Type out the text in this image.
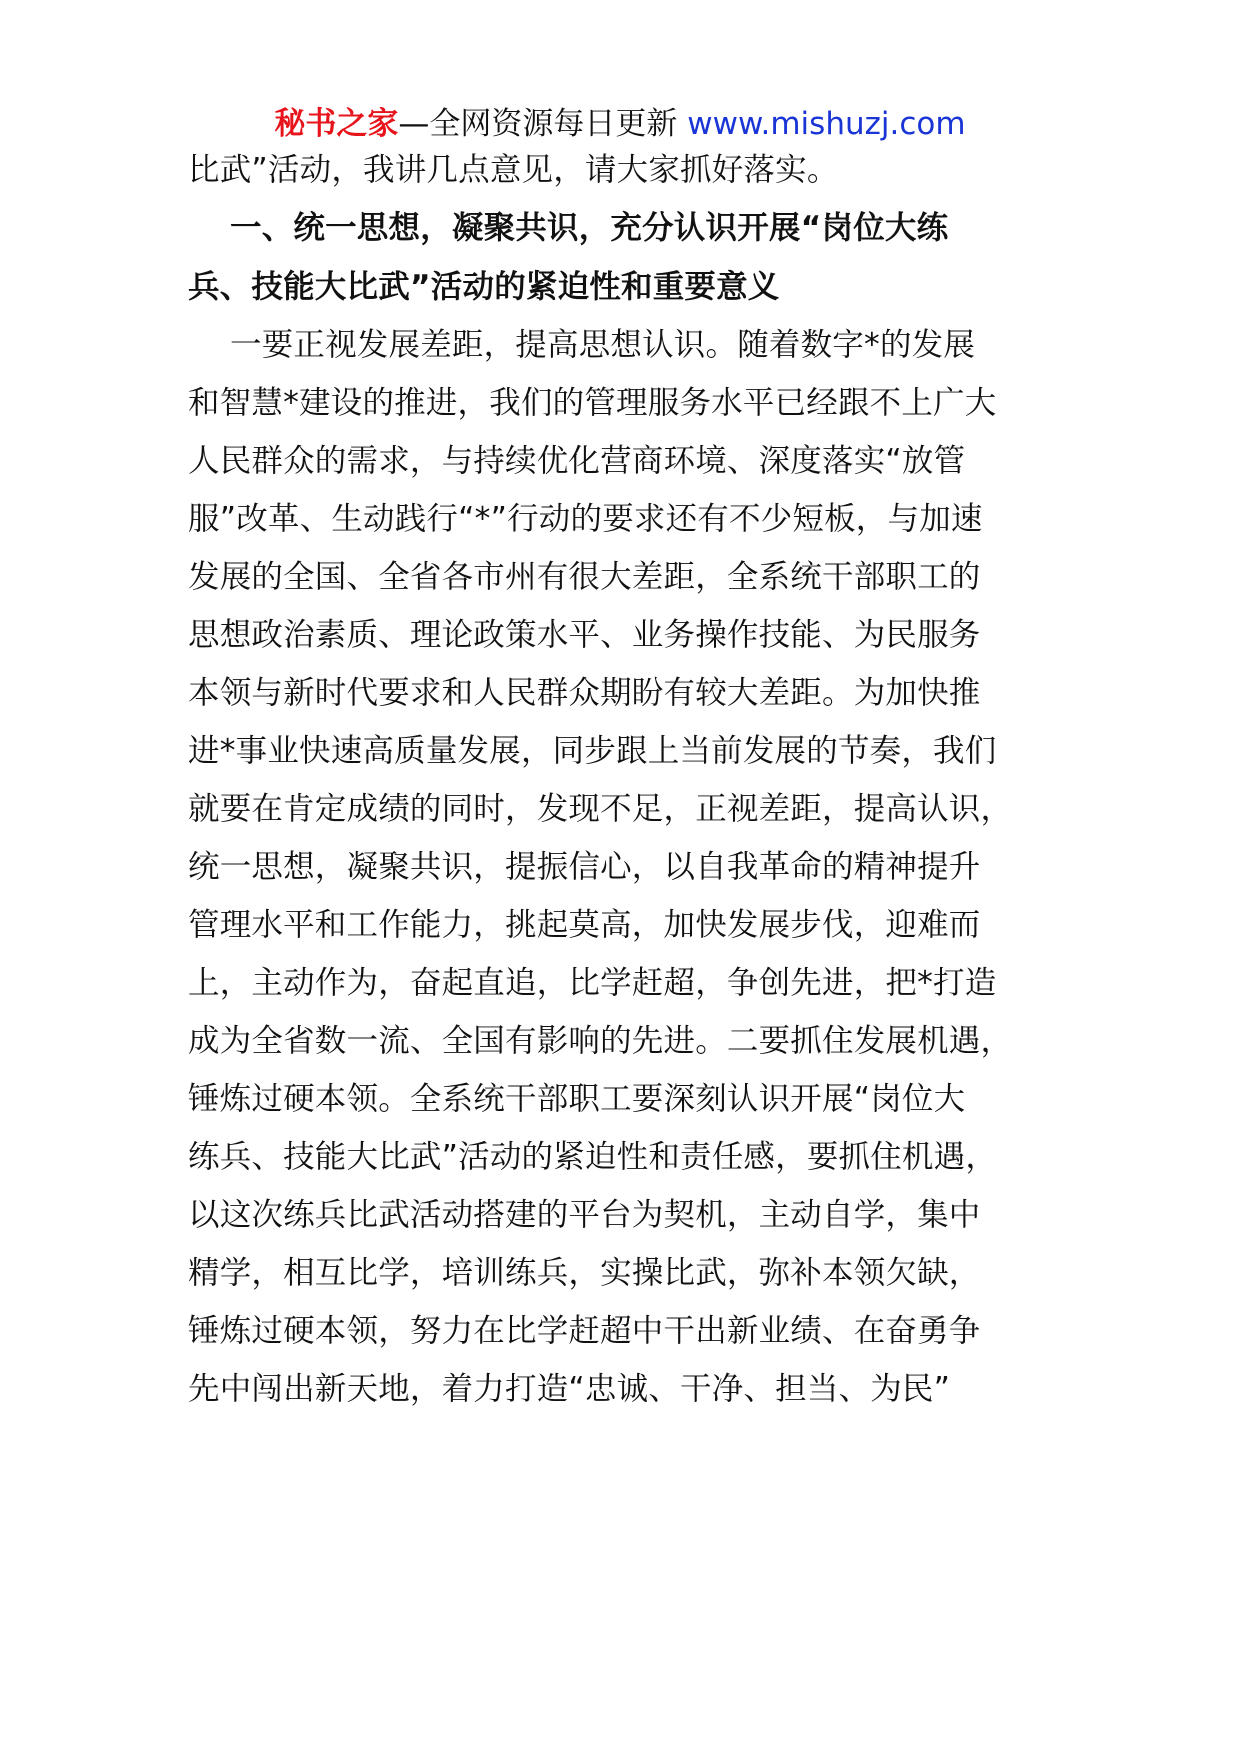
秘书之家—全网资源每日更新 www.mishuzj.com
比武”活动，我讲几点意见，请大家抓好落实。
一、统一思想，凝聚共识，充分认识开展“岗位大练
兵、技能大比武”活动的紧迫性和重要意义
一要正视发展差距，提高思想认识。随着数字*的发展
和智慧*建设的推进，我们的管理服务水平已经跟不上广大
人民群众的需求，与持续优化营商环境、深度落实“放管
服”改革、生动践行“*”行动的要求还有不少短板，与加速
发展的全国、全省各市州有很大差距，全系统干部职工的
思想政治素质、理论政策水平、业务操作技能、为民服务
本领与新时代要求和人民群众期盼有较大差距。为加快推
进*事业快速高质量发展，同步跟上当前发展的节奏，我们
就要在肯定成绩的同时，发现不足，正视差距，提高认识，
统一思想，凝聚共识，提振信心，以自我革命的精神提升
管理水平和工作能力，挑起莫高，加快发展步伐，迎难而
上，主动作为，奋起直追，比学赶超，争创先进，把*打造
成为全省数一流、全国有影响的先进。二要抓住发展机遇，
锤炼过硬本领。全系统干部职工要深刻认识开展“岗位大
练兵、技能大比武”活动的紧迫性和责任感，要抓住机遇，
以这次练兵比武活动搭建的平台为契机，主动自学，集中
精学，相互比学，培训练兵，实操比武，弥补本领欠缺，
锤炼过硬本领，努力在比学赶超中干出新业绩、在奋勇争
先中闯出新天地，着力打造“忠诚、干净、担当、为民”
